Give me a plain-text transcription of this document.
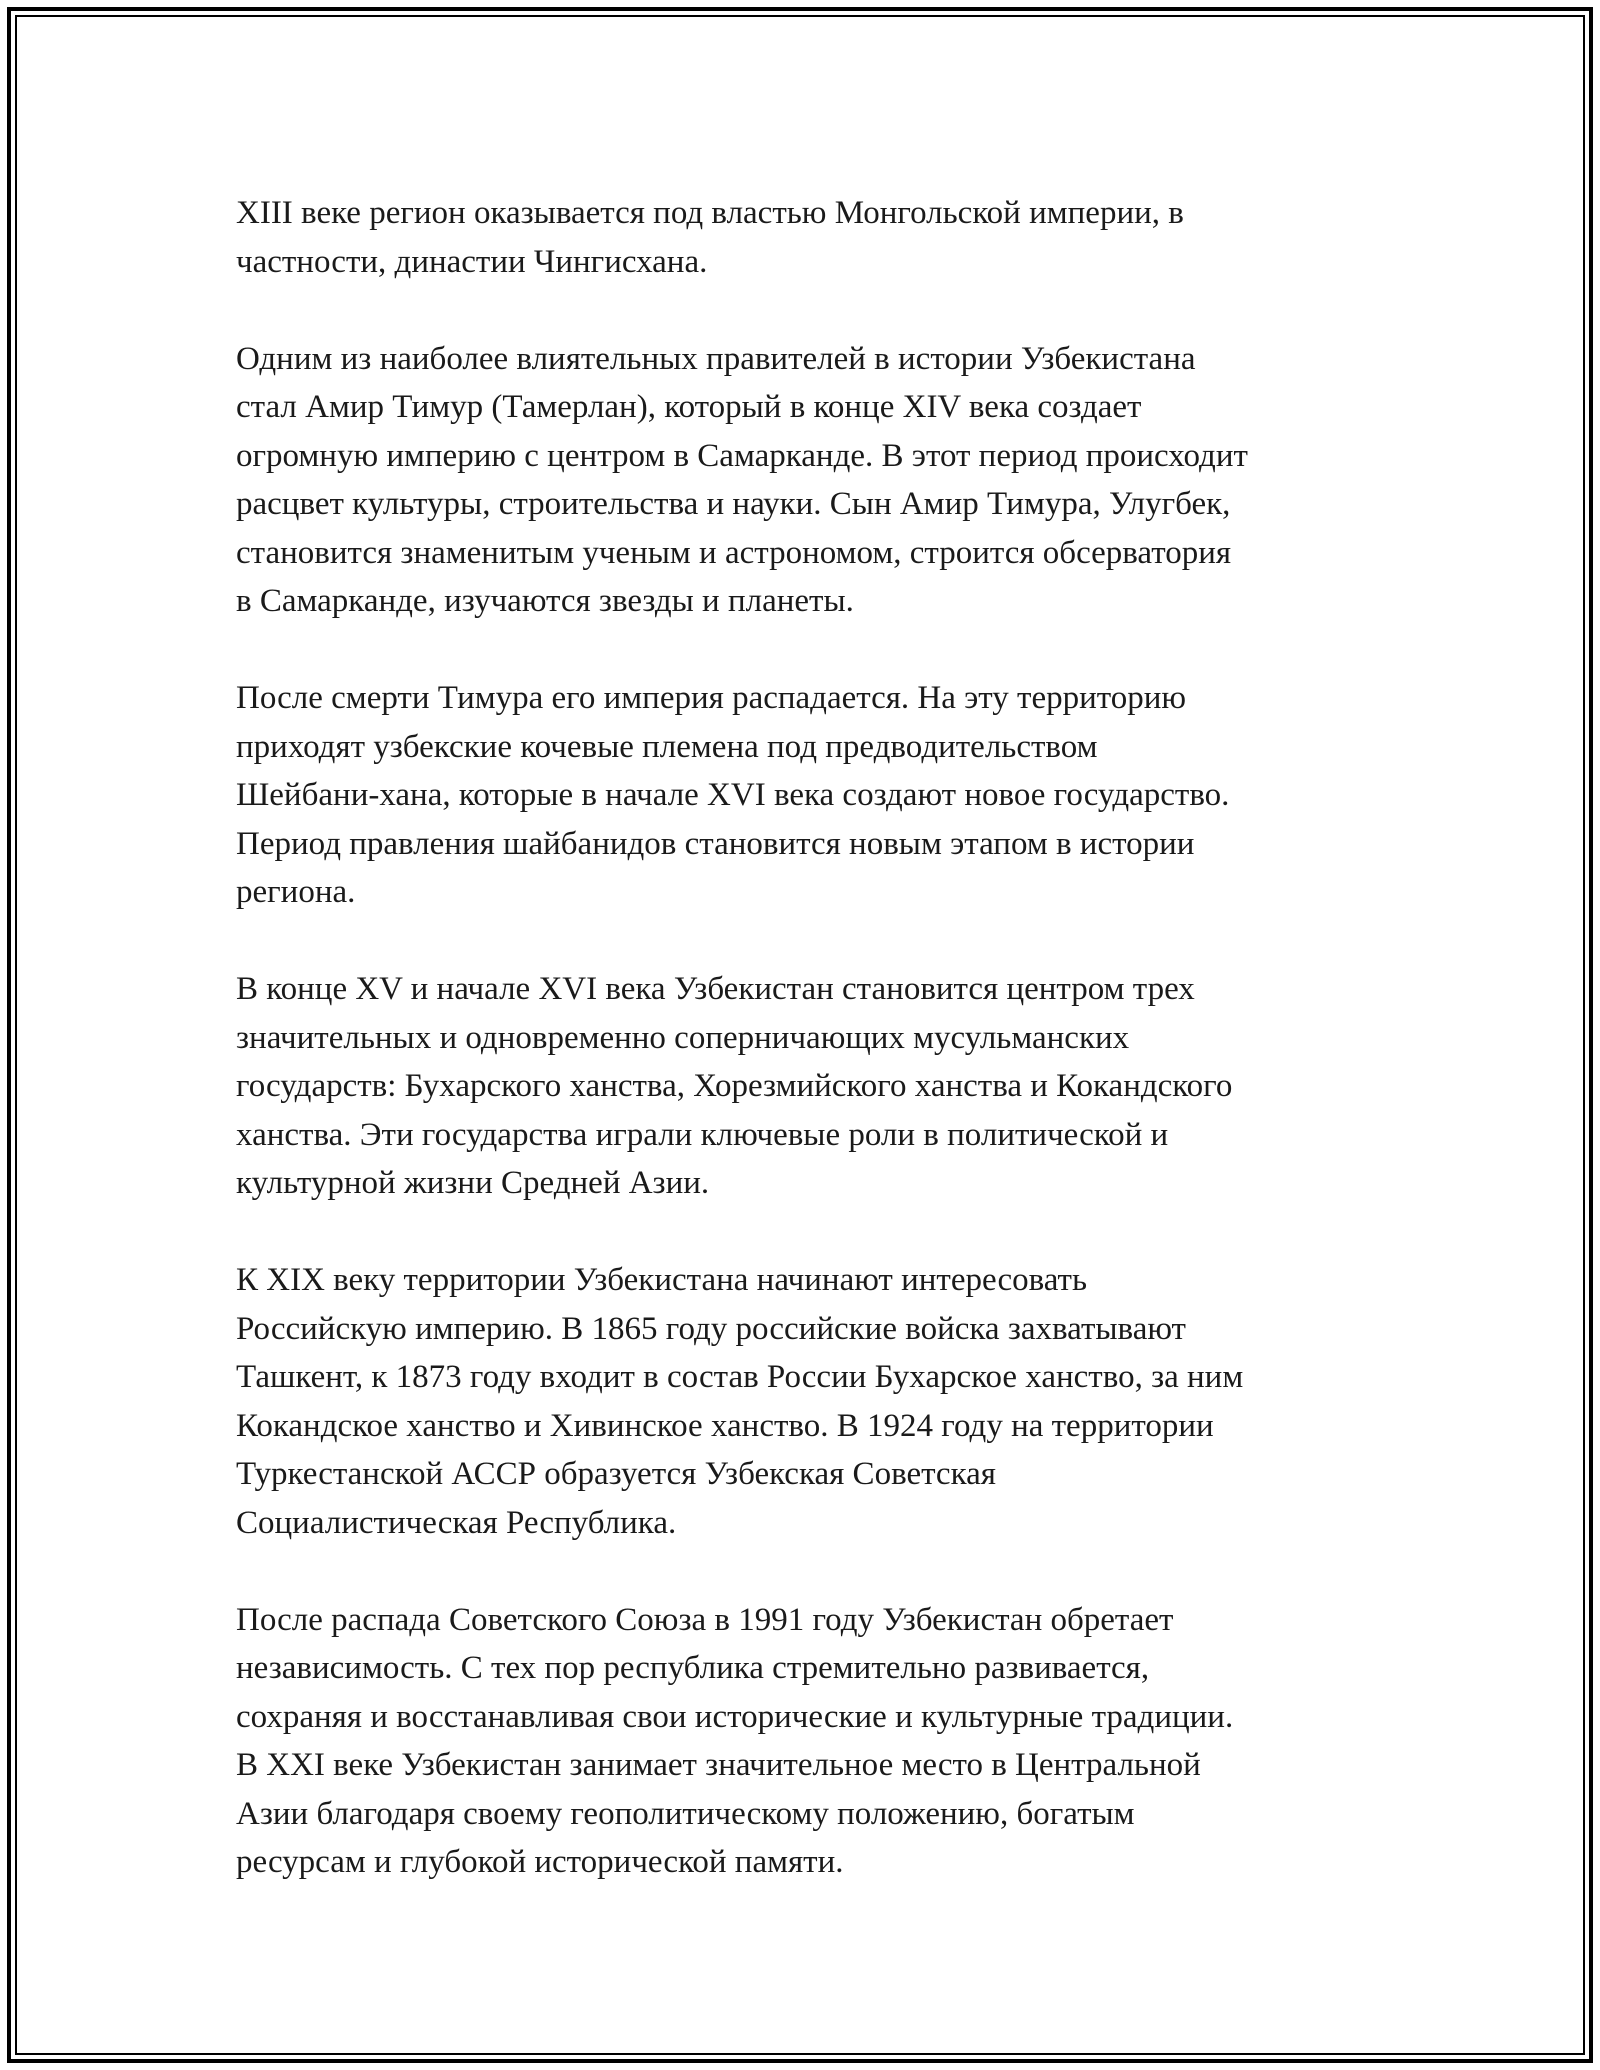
XIII веке регион оказывается под властью Монгольской империи, в
частности, династии Чингисхана.

Одним из наиболее влиятельных правителей в истории Узбекистана
стал Амир Тимур (Тамерлан), который в конце XIV века создает
огромную империю с центром в Самарканде. В этот период происходит
расцвет культуры, строительства и науки. Сын Амир Тимура, Улугбек,
становится знаменитым ученым и астрономом, строится обсерватория
в Самарканде, изучаются звезды и планеты.

После смерти Тимура его империя распадается. На эту территорию
приходят узбекские кочевые племена под предводительством
Шейбани-хана, которые в начале XVI века создают новое государство.
Период правления шайбанидов становится новым этапом в истории
региона.

В конце XV и начале XVI века Узбекистан становится центром трех
значительных и одновременно соперничающих мусульманских
государств: Бухарского ханства, Хорезмийского ханства и Кокандского
ханства. Эти государства играли ключевые роли в политической и
культурной жизни Средней Азии.

К XIX веку территории Узбекистана начинают интересовать
Российскую империю. В 1865 году российские войска захватывают
Ташкент, к 1873 году входит в состав России Бухарское ханство, за ним
Кокандское ханство и Хивинское ханство. В 1924 году на территории
Туркестанской АССР образуется Узбекская Советская
Социалистическая Республика.

После распада Советского Союза в 1991 году Узбекистан обретает
независимость. С тех пор республика стремительно развивается,
сохраняя и восстанавливая свои исторические и культурные традиции.
В XXI веке Узбекистан занимает значительное место в Центральной
Азии благодаря своему геополитическому положению, богатым
ресурсам и глубокой исторической памяти.
